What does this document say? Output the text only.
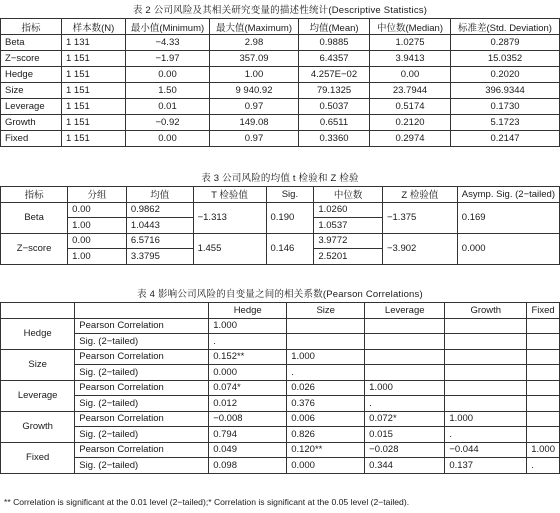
表 2 公司风险及其相关研究变量的描述性统计(Descriptive Statistics)
指标	样本数(N)	最小值(Minimum)	最大值(Maximum)	均值(Mean)	中位数(Median)	标准差(Std. Deviation)
Beta	1 131	−4.33	2.98	0.9885	1.0275	0.2879
Z−score	1 151	−1.97	357.09	6.4357	3.9413	15.0352
Hedge	1 151	0.00	1.00	4.257E−02	0.00	0.2020
Size	1 151	1.50	9 940.92	79.1325	23.7944	396.9344
Leverage	1 151	0.01	0.97	0.5037	0.5174	0.1730
Growth	1 151	−0.92	149.08	0.6511	0.2120	5.1723
Fixed	1 151	0.00	0.97	0.3360	0.2974	0.2147
表 3 公司风险的均值 t 检验和 Z 检验
指标	分组	均值	T 检验值	Sig.	中位数	Z 检验值	Asymp. Sig. (2−tailed)
Beta	0.00	0.9862	−1.313	0.190	1.0260	−1.375	0.169
	1.00	1.0443			1.0537		
Z−score	0.00	6.5716	1.455	0.146	3.9772	−3.902	0.000
	1.00	3.3795			2.5201		
表 4 影响公司风险的自变量之间的相关系数(Pearson Correlations)
		Hedge	Size	Leverage	Growth	Fixed
Hedge	Pearson Correlation	1.000				
	Sig. (2−tailed)	.				
Size	Pearson Correlation	0.152**	1.000			
	Sig. (2−tailed)	0.000	.			
Leverage	Pearson Correlation	0.074*	0.026	1.000		
	Sig. (2−tailed)	0.012	0.376	.		
Growth	Pearson Correlation	−0.008	0.006	0.072*	1.000	
	Sig. (2−tailed)	0.794	0.826	0.015	.	
Fixed	Pearson Correlation	0.049	0.120**	−0.028	−0.044	1.000
	Sig. (2−tailed)	0.098	0.000	0.344	0.137	.
** Correlation is significant at the 0.01 level (2−tailed);* Correlation is significant at the 0.05 level (2−tailed).
